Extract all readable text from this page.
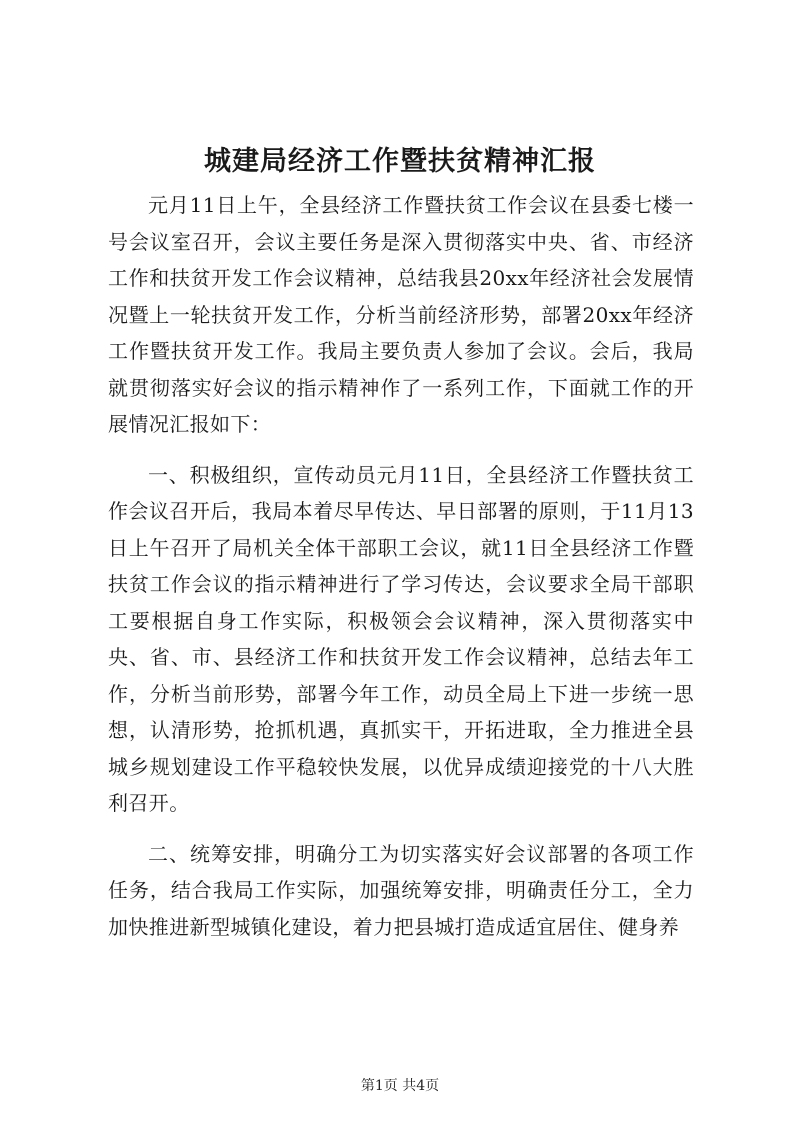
城建局经济工作暨扶贫精神汇报

元月11日上午，全县经济工作暨扶贫工作会议在县委七楼一号会议室召开，会议主要任务是深入贯彻落实中央、省、市经济工作和扶贫开发工作会议精神，总结我县20xx年经济社会发展情况暨上一轮扶贫开发工作，分析当前经济形势，部署20xx年经济工作暨扶贫开发工作。我局主要负责人参加了会议。会后，我局就贯彻落实好会议的指示精神作了一系列工作，下面就工作的开展情况汇报如下：

一、积极组织，宣传动员元月11日，全县经济工作暨扶贫工作会议召开后，我局本着尽早传达、早日部署的原则，于11月13日上午召开了局机关全体干部职工会议，就11日全县经济工作暨扶贫工作会议的指示精神进行了学习传达，会议要求全局干部职工要根据自身工作实际，积极领会会议精神，深入贯彻落实中央、省、市、县经济工作和扶贫开发工作会议精神，总结去年工作，分析当前形势，部署今年工作，动员全局上下进一步统一思想，认清形势，抢抓机遇，真抓实干，开拓进取，全力推进全县城乡规划建设工作平稳较快发展，以优异成绩迎接党的十八大胜利召开。

二、统筹安排，明确分工为切实落实好会议部署的各项工作任务，结合我局工作实际，加强统筹安排，明确责任分工，全力加快推进新型城镇化建设，着力把县城打造成适宜居住、健身养

第1页 共4页
